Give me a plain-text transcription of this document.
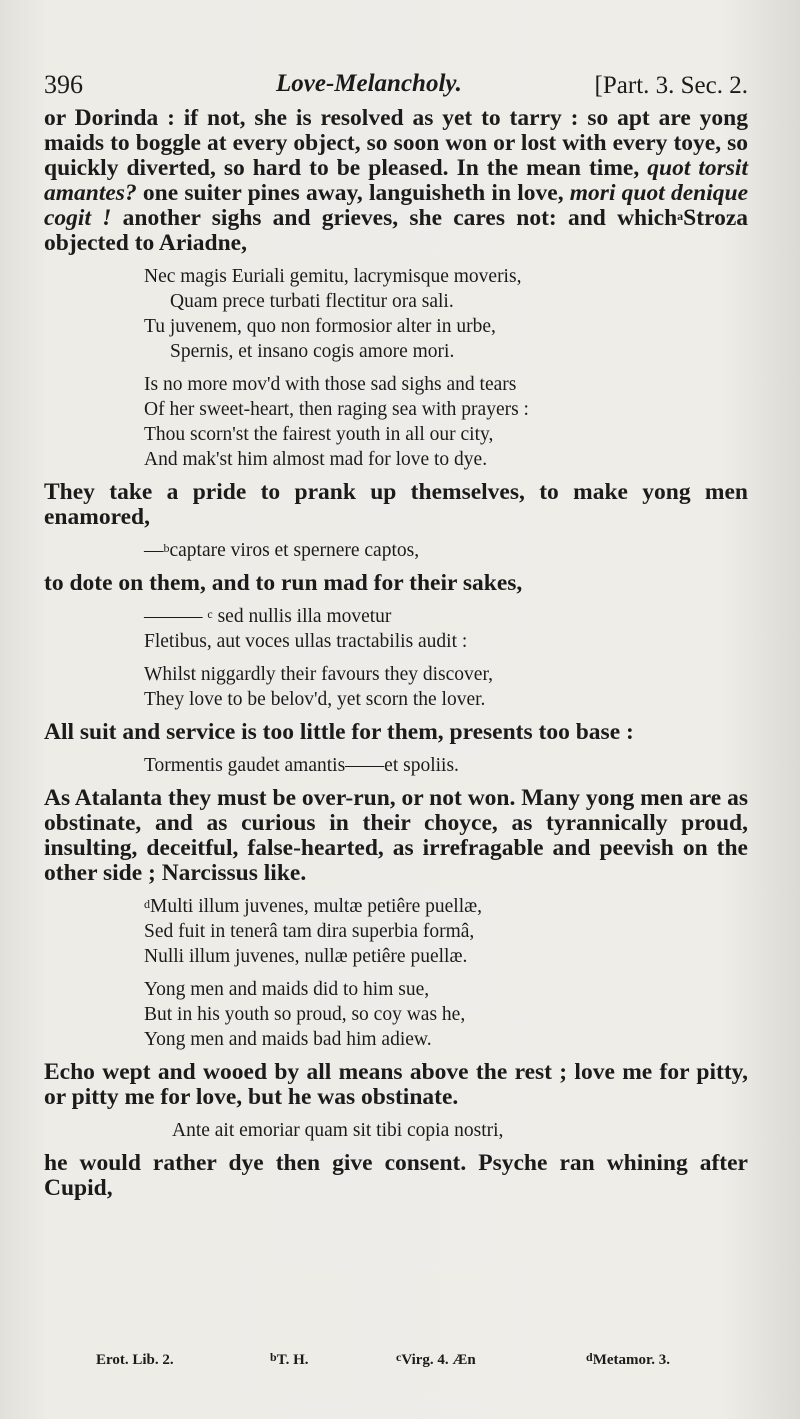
396	Love-Melancholy.	[Part. 3. Sec. 2.

or Dorinda : if not, she is resolved as yet to tarry : so apt are yong maids to boggle at every object, so soon won or lost with every toye, so quickly diverted, so hard to be pleased. In the mean time, quot torsit amantes? one suiter pines away, languisheth in love, mori quot denique cogit ! another sighs and grieves, she cares not: and which$^a$Stroza objected to Ariadne,

Nec magis Euriali gemitu, lacrymisque moveris,
Quam prece turbati flectitur ora sali.
Tu juvenem, quo non formosior alter in urbe,
Spernis, et insano cogis amore mori.
Is no more mov'd with those sad sighs and tears
Of her sweet-heart, then raging sea with prayers :
Thou scorn'st the fairest youth in all our city,
And mak'st him almost mad for love to dye.

They take a pride to prank up themselves, to make yong men enamored,

—$^b$captare viros et spernere captos,

to dote on them, and to run mad for their sakes,

——— $^c$ sed nullis illa movetur
Fletibus, aut voces ullas tractabilis audit :
Whilst niggardly their favours they discover,
They love to be belov'd, yet scorn the lover.

All suit and service is too little for them, presents too base :

Tormentis gaudet amantis——et spoliis.

As Atalanta they must be over-run, or not won. Many yong men are as obstinate, and as curious in their choyce, as tyrannically proud, insulting, deceitful, false-hearted, as irrefragable and peevish on the other side ; Narcissus like.

$^d$Multi illum juvenes, multæ petiêre puellæ,
Sed fuit in tenerâ tam dira superbia formâ,
Nulli illum juvenes, nullæ petiêre puellæ.
Yong men and maids did to him sue,
But in his youth so proud, so coy was he,
Yong men and maids bad him adiew.

Echo wept and wooed by all means above the rest ; love me for pitty, or pitty me for love, but he was obstinate.

Ante ait emoriar quam sit tibi copia nostri,

he would rather dye then give consent. Psyche ran whining after Cupid,

Erot. Lib. 2.	$^b$ T. H.	$^c$ Virg. 4. Æn	$^d$ Metamor. 3.
